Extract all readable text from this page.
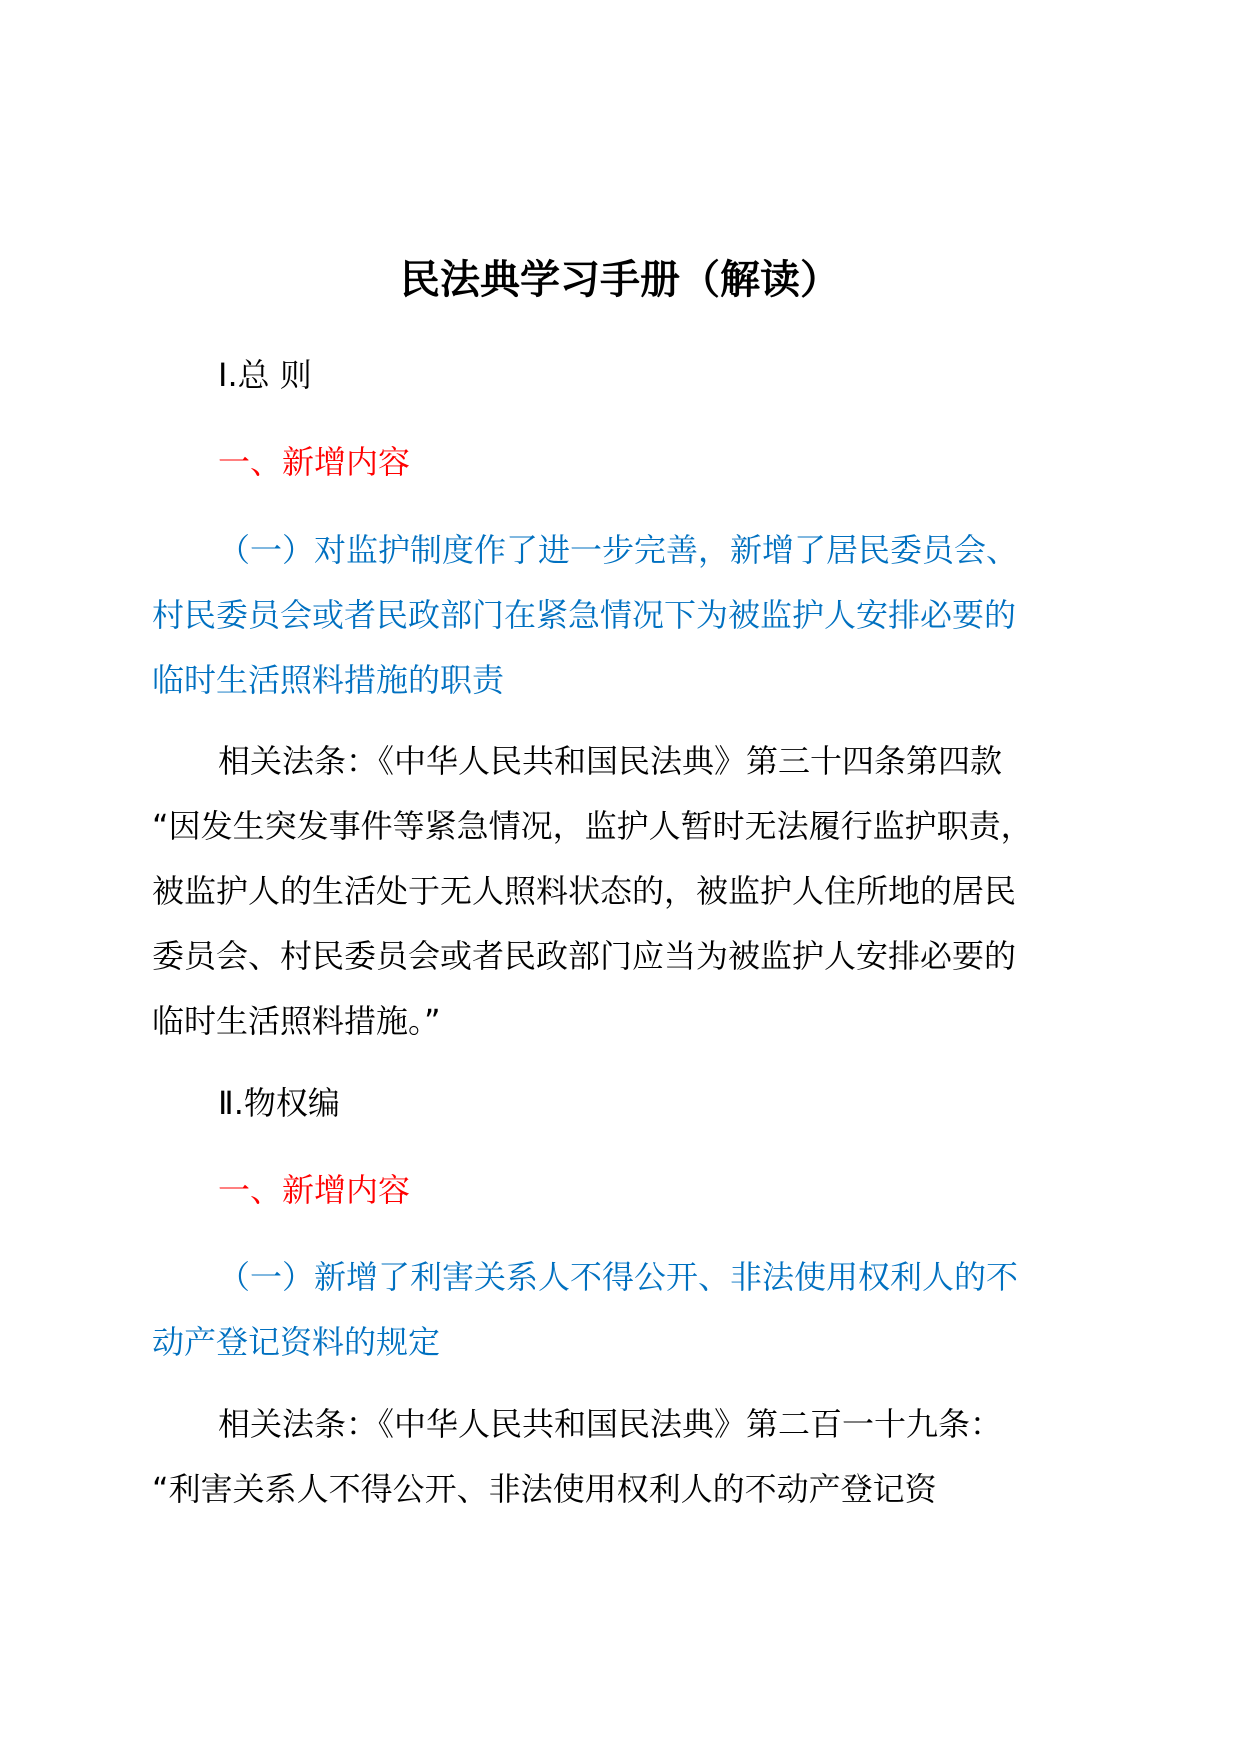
民法典学习手册（解读）

Ⅰ.总 则

一、新增内容

（一）对监护制度作了进一步完善，新增了居民委员会、

村民委员会或者民政部门在紧急情况下为被监护人安排必要的

临时生活照料措施的职责

相关法条：《中华人民共和国民法典》第三十四条第四款

“因发生突发事件等紧急情况，监护人暂时无法履行监护职责，

被监护人的生活处于无人照料状态的，被监护人住所地的居民

委员会、村民委员会或者民政部门应当为被监护人安排必要的

临时生活照料措施。”

Ⅱ.物权编

一、新增内容

（一）新增了利害关系人不得公开、非法使用权利人的不

动产登记资料的规定

相关法条：《中华人民共和国民法典》第二百一十九条：

“利害关系人不得公开、非法使用权利人的不动产登记资
